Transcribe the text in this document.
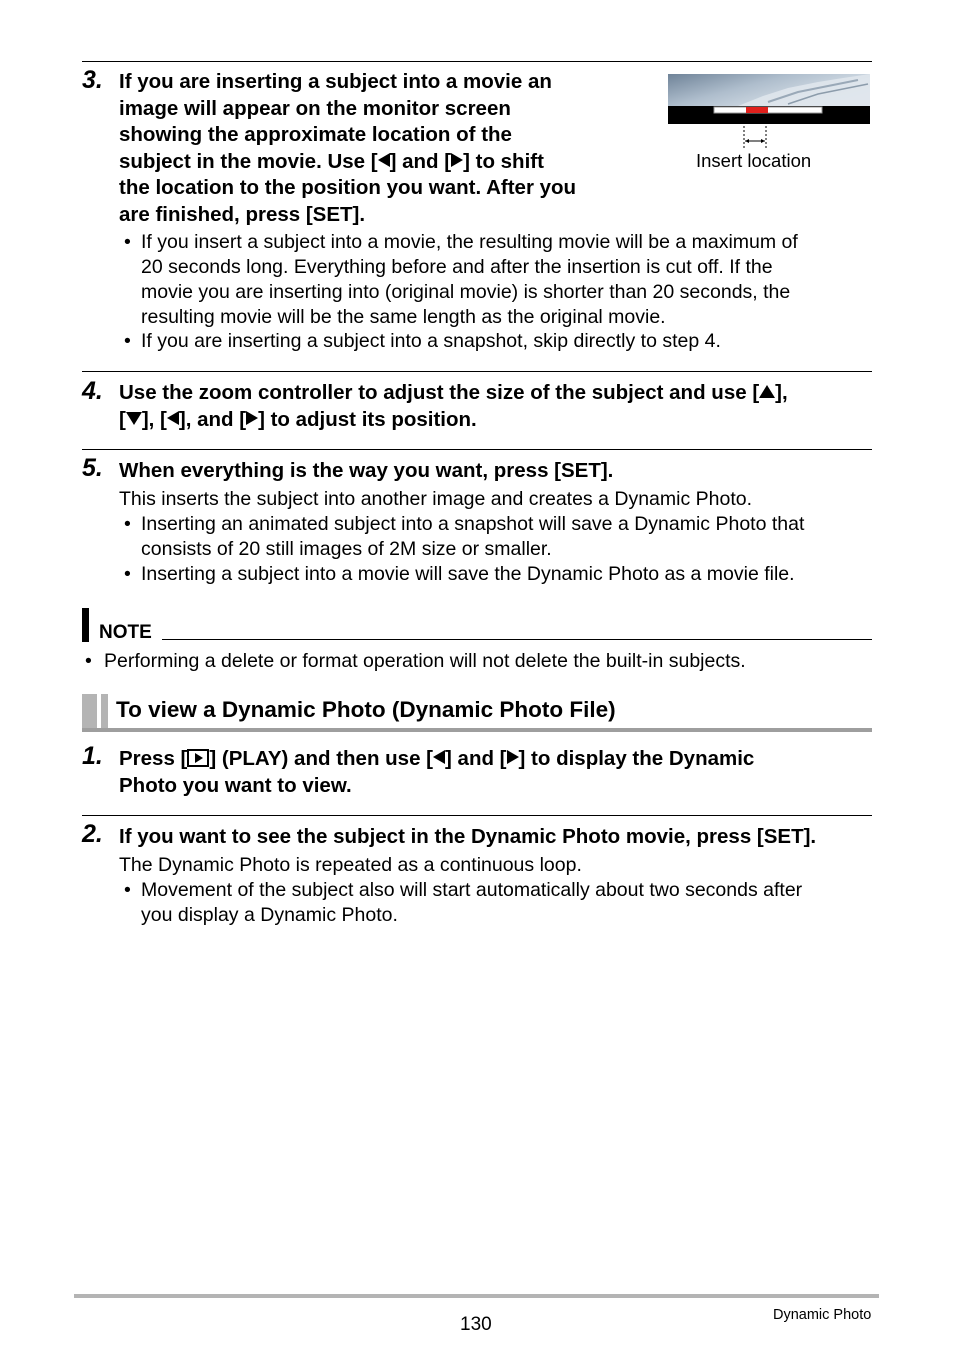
3. If you are inserting a subject into a movie an

image will appear on the monitor screen

showing the approximate location of the

subject in the movie. Use [ ] and [ ] to shift

the location to the position you want. After you

are finished, press [SET].

Insert location
• If you insert a subject into a movie, the resulting movie will be a maximum of

20 seconds long. Everything before and after the insertion is cut off. If the

movie you are inserting into (original movie) is shorter than 20 seconds, the

resulting movie will be the same length as the original movie.

• If you are inserting a subject into a snapshot, skip directly to step 4.

4. Use the zoom controller to adjust the size of the subject and use [ ],

[ ], [ ], and [ ] to adjust its position.

5. When everything is the way you want, press [SET].

This inserts the subject into another image and creates a Dynamic Photo.
• Inserting an animated subject into a snapshot will save a Dynamic Photo that

consists of 20 still images of 2M size or smaller.

• Inserting a subject into a movie will save the Dynamic Photo as a movie file.

NOTE
• Performing a delete or format operation will not delete the built-in subjects.

To view a Dynamic Photo (Dynamic Photo File)
1. Press [ ] (PLAY) and then use [ ] and [ ] to display the Dynamic

Photo you want to view.

2. If you want to see the subject in the Dynamic Photo movie, press [SET].

The Dynamic Photo is repeated as a continuous loop.
• Movement of the subject also will start automatically about two seconds after

you display a Dynamic Photo.

130	Dynamic Photo
